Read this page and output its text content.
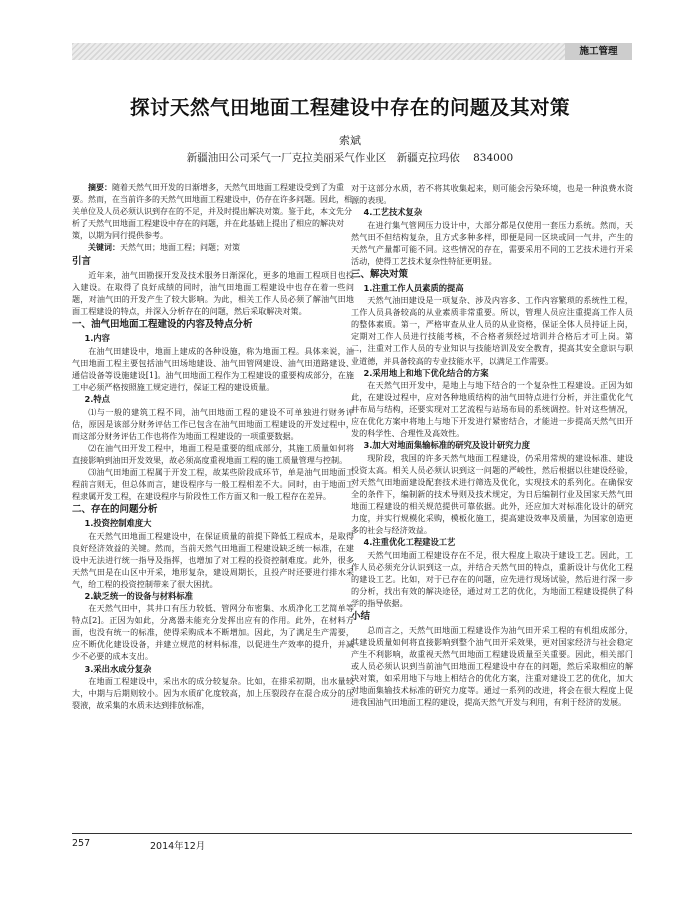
施工管理
探讨天然气田地面工程建设中存在的问题及其对策
索斌
新疆油田公司采气一厂克拉美丽采气作业区　新疆克拉玛依 834000

摘要：随着天然气田开发的日渐增多，天然气田地面工程建设受到了为重要。然而，在当前许多的天然气田地面工程建设中，仍存在许多问题。因此，相关单位及人员必须认识到存在的不足，并及时提出解决对策。鉴于此，本文先分析了天然气田地面工程建设中存在的问题，并在此基础上提出了相应的解决对策，以期为同行提供参考。

关键词：天然气田；地面工程；问题；对策

引言

近年来，油气田勘探开发及技术服务日渐深化，更多的地面工程项目也投入建设。在取得了良好成绩的同时，油气田地面工程建设中也存在着一些问题，对油气田的开发产生了较大影响。为此，相关工作人员必须了解油气田地面工程建设的特点，并深入分析存在的问题，然后采取解决对策。

一、油气田地面工程建设的内容及特点分析
1.内容

在油气田建设中，地面上建成的各种设施，称为地面工程。具体来说，油气田地面工程主要包括油气田场地建设、油气田管网建设、油气田道路建设、通信设备等设施建设[1]。油气田地面工程作为工程建设的重要构成部分，在施工中必须严格按照施工规定进行，保证工程的建设质量。

2.特点

⑴与一般的建筑工程不同，油气田地面工程的建设不可单独进行财务评估，原因是该部分财务评估工作已包含在油气田地面工程建设的开发过程中，而这部分财务评估工作也将作为地面工程建设的一项重要数据。

⑵在油气田开发工程中，地面工程是重要的组成部分，其施工质量如何将直接影响到油田开发效果，故必须高度重视地面工程的施工质量管理与控制。

⑶油气田地面工程属于开发工程，故某些阶段成环节，单是油气田地面工程前言则无，但总体而言，建设程序与一般工程相差不大。同时，由于地面工程隶属开发工程，在建设程序与阶段性工作方面又和一般工程存在差异。

二、存在的问题分析
1.投资控制难度大

在天然气田地面工程建设中，在保证质量的前提下降低工程成本，是取得良好经济效益的关键。然而，当前天然气田地面工程建设缺乏统一标准，在建设中无法进行统一指导及指挥，也增加了对工程的投资控制难度。此外，很多天然气田是在山区中开采，地形复杂，建设周期长，且投产时还要进行排水采气，给工程的投资控制带来了很大困扰。

2.缺乏统一的设备与材料标准

在天然气田中，其井口有压力较低、管网分布密集、水质净化工艺简单等特点[2]。正因为如此，分离器未能充分发挥出应有的作用。此外，在材料方面，也没有统一的标准，使得采购成本不断增加。因此，为了满足生产需要，应不断优化建设设备，并建立规范的材料标准，以促进生产效率的提升，并减少不必要的成本支出。

3.采出水成分复杂

在地面工程建设中，采出水的成分较复杂。比如，在排采初期，出水量较大，中期与后期则较小。因为水质矿化度较高，加上压裂段存在混合成分的压裂液，故采集的水质未达到排放标准，

对于这部分水质，若不将其收集起来，则可能会污染环境，也是一种浪费水资源的表现。

4.工艺技术复杂

在进行集气管网压力设计中，大部分都是仅使用一套压力系统。然而，天然气田不但结构复杂，且方式多种多样，即便是同一区块或同一气井，产生的天然气产量都可能不同。这些情况的存在，需要采用不同的工艺技术进行开采活动，使得工艺技术复杂性特征更明显。

三、解决对策
1.注重工作人员素质的提高

天然气油田建设是一项复杂、涉及内容多、工作内容繁琐的系统性工程，工作人员具备较高的从业素质非常重要。所以，管理人员应注重提高工作人员的整体素质。第一，严格审查从业人员的从业资格，保证全体人员持证上岗，定期对工作人员进行技能考核，不合格者须经过培训并合格后才可上岗。第二，注重对工作人员的专业知识与技能培训及安全教育，提高其安全意识与职业道德，并具备较高的专业技能水平，以满足工作需要。

2.采用地上和地下优化结合的方案

在天然气田开发中，是地上与地下结合的一个复杂性工程建设。正因为如此，在建设过程中，应对各种地质结构的油气田特点进行分析，并注重优化气井布局与结构，还要实现对工艺流程与站场布局的系统调控。针对这些情况，应在优化方案中将地上与地下开发进行紧密结合，才能进一步提高天然气田开发的科学性、合理性及高效性。

3.加大对地面集输标准的研究及设计研究力度

现阶段，我国的许多天然气地面工程建设，仍采用常规的建设标准、建设投资太高。相关人员必须认识到这一问题的严峻性，然后根据以往建设经验，对天然气田地面建设配套技术进行筛选及优化，实现技术的系列化。在确保安全的条件下，编制新的技术导则及技术规定，为日后编制行业及国家天然气田地面工程建设的相关规范提供可靠依据。此外，还应加大对标准化设计的研究力度，并实行规模化采购，模板化施工，提高建设效率及质量，为国家创造更多的社会与经济效益。

4.注重优化工程建设工艺

天然气田地面工程建设存在不足，很大程度上取决于建设工艺。因此，工作人员必须充分认识到这一点，并结合天然气田的特点，重新设计与优化工程的建设工艺。比如，对于已存在的问题，应先进行现场试验，然后进行深一步的分析，找出有效的解决途径，通过对工艺的优化，为地面工程建设提供了科学的指导依据。

小结

总而言之，天然气田地面工程建设作为油气田开采工程的有机组成部分，其建设质量如何将直接影响到整个油气田开采效果，更对国家经济与社会稳定产生不利影响，故重视天然气田地面工程建设质量至关重要。因此，相关部门或人员必须认识到当前油气田地面工程建设中存在的问题，然后采取相应的解决对策，如采用地下与地上相结合的优化方案，注重对建设工艺的优化，加大对地面集输技术标准的研究力度等。通过一系列的改进，将会在很大程度上促进我国油气田地面工程的建设，提高天然气开发与利用，有利于经济的发展。

257	2014年12月
